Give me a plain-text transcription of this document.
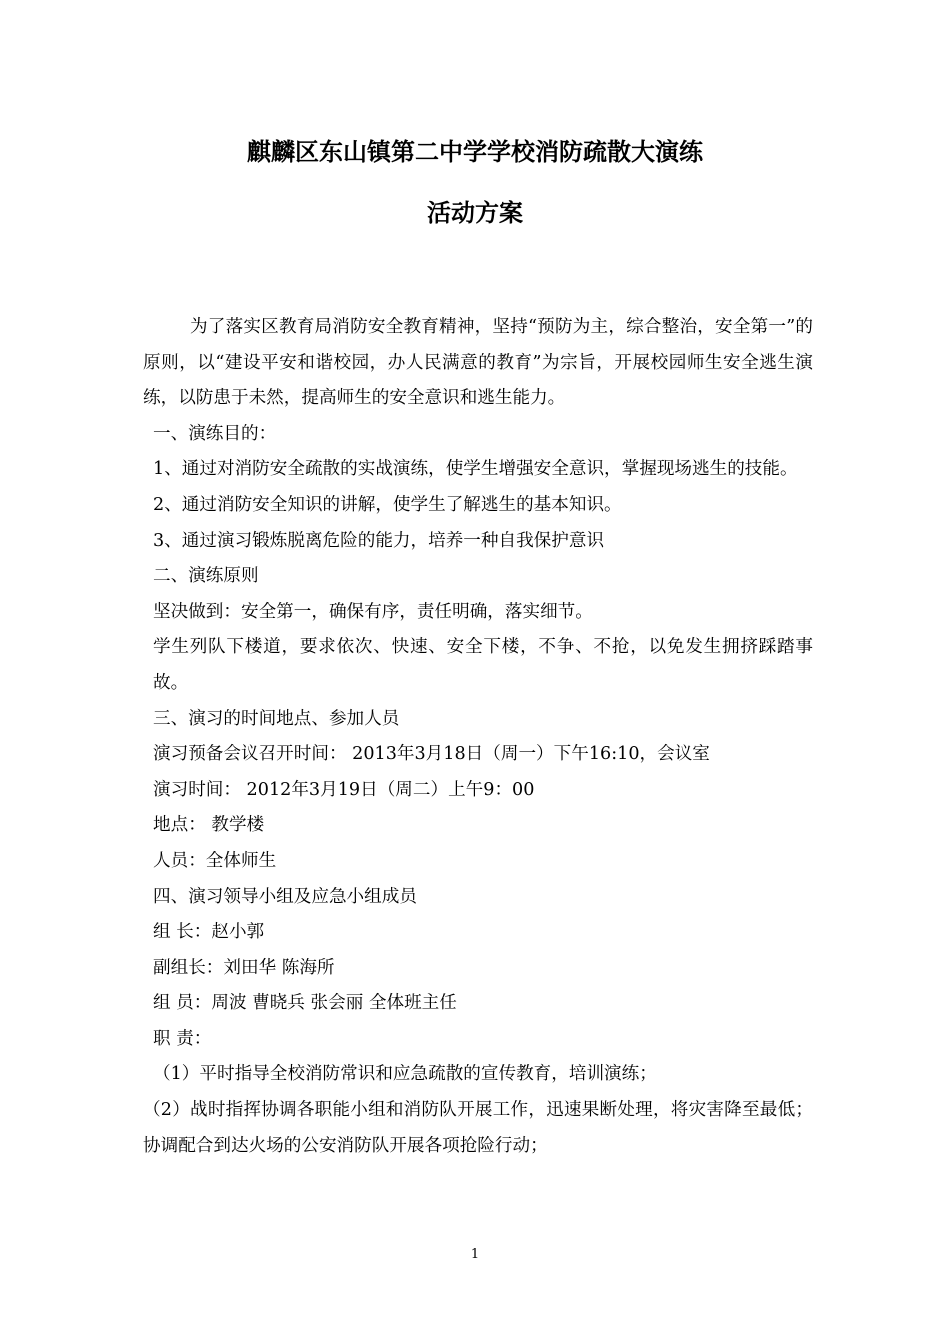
麒麟区东山镇第二中学学校消防疏散大演练
活动方案

为了落实区教育局消防安全教育精神，坚持“预防为主，综合整治，安全第一”的原则，以“建设平安和谐校园，办人民满意的教育”为宗旨，开展校园师生安全逃生演练，以防患于未然，提高师生的安全意识和逃生能力。

一、演练目的：

1、通过对消防安全疏散的实战演练，使学生增强安全意识，掌握现场逃生的技能。

2、通过消防安全知识的讲解，使学生了解逃生的基本知识。

3、通过演习锻炼脱离危险的能力，培养一种自我保护意识

二、演练原则

坚决做到：安全第一，确保有序，责任明确，落实细节。

学生列队下楼道，要求依次、快速、安全下楼，不争、不抢，以免发生拥挤踩踏事故。

三、演习的时间地点、参加人员

演习预备会议召开时间： 2013年3月18日（周一）下午16:10，会议室

演习时间： 2012年3月19日（周二）上午9：00

地点： 教学楼

人员：全体师生

四、演习领导小组及应急小组成员

组 长：赵小郭

副组长：刘田华 陈海所

组 员：周波 曹晓兵 张会丽 全体班主任

职 责：

（1）平时指导全校消防常识和应急疏散的宣传教育，培训演练；

（2）战时指挥协调各职能小组和消防队开展工作，迅速果断处理，将灾害降至最低；协调配合到达火场的公安消防队开展各项抢险行动；

1
